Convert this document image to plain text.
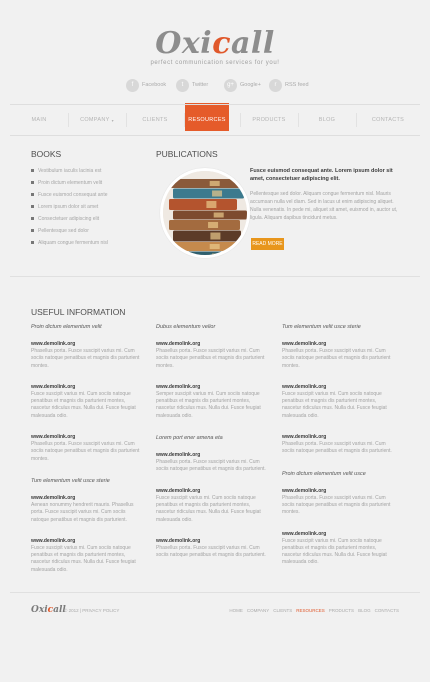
Oxicall
perfect communication services for you!
f	Facebook	t	Twitter	g+	Google+	r	RSS feed
MAIN	COMPANY ▾	CLIENTS	RESOURCES	PRODUCTS	BLOG	CONTACTS
BOOKS
Vestibulum iaculis lacinia est
Proin dictum elementum velit
Fusce euismod consequat ante
Lorem ipsum dolor sit amet
Consectetuer adipiscing elit
Pellentesque sed dolor
Aliquam congue fermentum nisl
PUBLICATIONS
Fusce euismod consequat ante. Lorem ipsum dolor sit amet, consectetuer adipiscing elit.
Pellentesque sed dolor. Aliquam congue fermentum nisl. Mauris accumsan nulla vel diam. Sed in lacus ut enim adipiscing aliquet. Nulla venenatis. In pede mi, aliquet sit amet, euismod in, auctor ut, ligula. Aliquam dapibus tincidunt metus.
READ MORE
USEFUL INFORMATION
Proin dictum elementum velit
www.demolink.org
Phasellus porta. Fusce suscipit varius mi. Cum sociis natoque penatibus et magnis dis parturient montes.
www.demolink.org
Fusce suscipit varius mi. Cum sociis natoque penatibus et magnis dis parturient montes, nascetur ridiculus mus. Nulla dui. Fusce feugiat malesuada odio.
www.demolink.org
Phasellus porta. Fusce suscipit varius mi. Cum sociis natoque penatibus et magnis dis parturient montes.
Tum elementum velit usce sterie
www.demolink.org
Aenean nonummy hendrerit mauris. Phasellus porta. Fusce suscipit varius mi. Cum sociis natoque penatibus et magnis dis parturient.
www.demolink.org
Fusce suscipit varius mi. Cum sociis natoque penatibus et magnis dis parturient montes, nascetur ridiculus mus. Nulla dui. Fusce feugiat malesuada odio.
Dubus elementum velior
www.demolink.org
Phasellus porta. Fusce suscipit varius mi. Cum sociis natoque penatibus et magnis dis parturient montes.
www.demolink.org
Semper suscipit varius mi. Cum sociis natoque penatibus et magnis dis parturient montes, nascetur ridiculus mus. Nulla dui. Fusce feugiat malesuada odio.
Lorem port ener amena eta
www.demolink.org
Phasellus porta. Fusce suscipit varius mi. Cum sociis natoque penatibus et magnis dis parturient.
www.demolink.org
Fusce suscipit varius mi. Cum sociis natoque penatibus et magnis dis parturient montes, nascetur ridiculus mus. Nulla dui. Fusce feugiat malesuada odio.
www.demolink.org
Phasellus porta. Fusce suscipit varius mi. Cum sociis natoque penatibus et magnis dis parturient.
Tum elementum velit usce sterie
www.demolink.org
Phasellus porta. Fusce suscipit varius mi. Cum sociis natoque penatibus et magnis dis parturient montes.
www.demolink.org
Fusce suscipit varius mi. Cum sociis natoque penatibus et magnis dis parturient montes, nascetur ridiculus mus. Nulla dui. Fusce feugiat malesuada odio.
www.demolink.org
Phasellus porta. Fusce suscipit varius mi. Cum sociis natoque penatibus et magnis dis parturient.
Proin dictum elementum velit usce
www.demolink.org
Phasellus porta. Fusce suscipit varius mi. Cum sociis natoque penatibus et magnis dis parturient montes.
www.demolink.org
Fusce suscipit varius mi. Cum sociis natoque penatibus et magnis dis parturient montes, nascetur ridiculus mus. Nulla dui. Fusce feugiat malesuada odio.
Oxicall
© 2012 | PRIVACY POLICY	HOME COMPANY CLIENTS RESOURCES PRODUCTS BLOG CONTACTS
